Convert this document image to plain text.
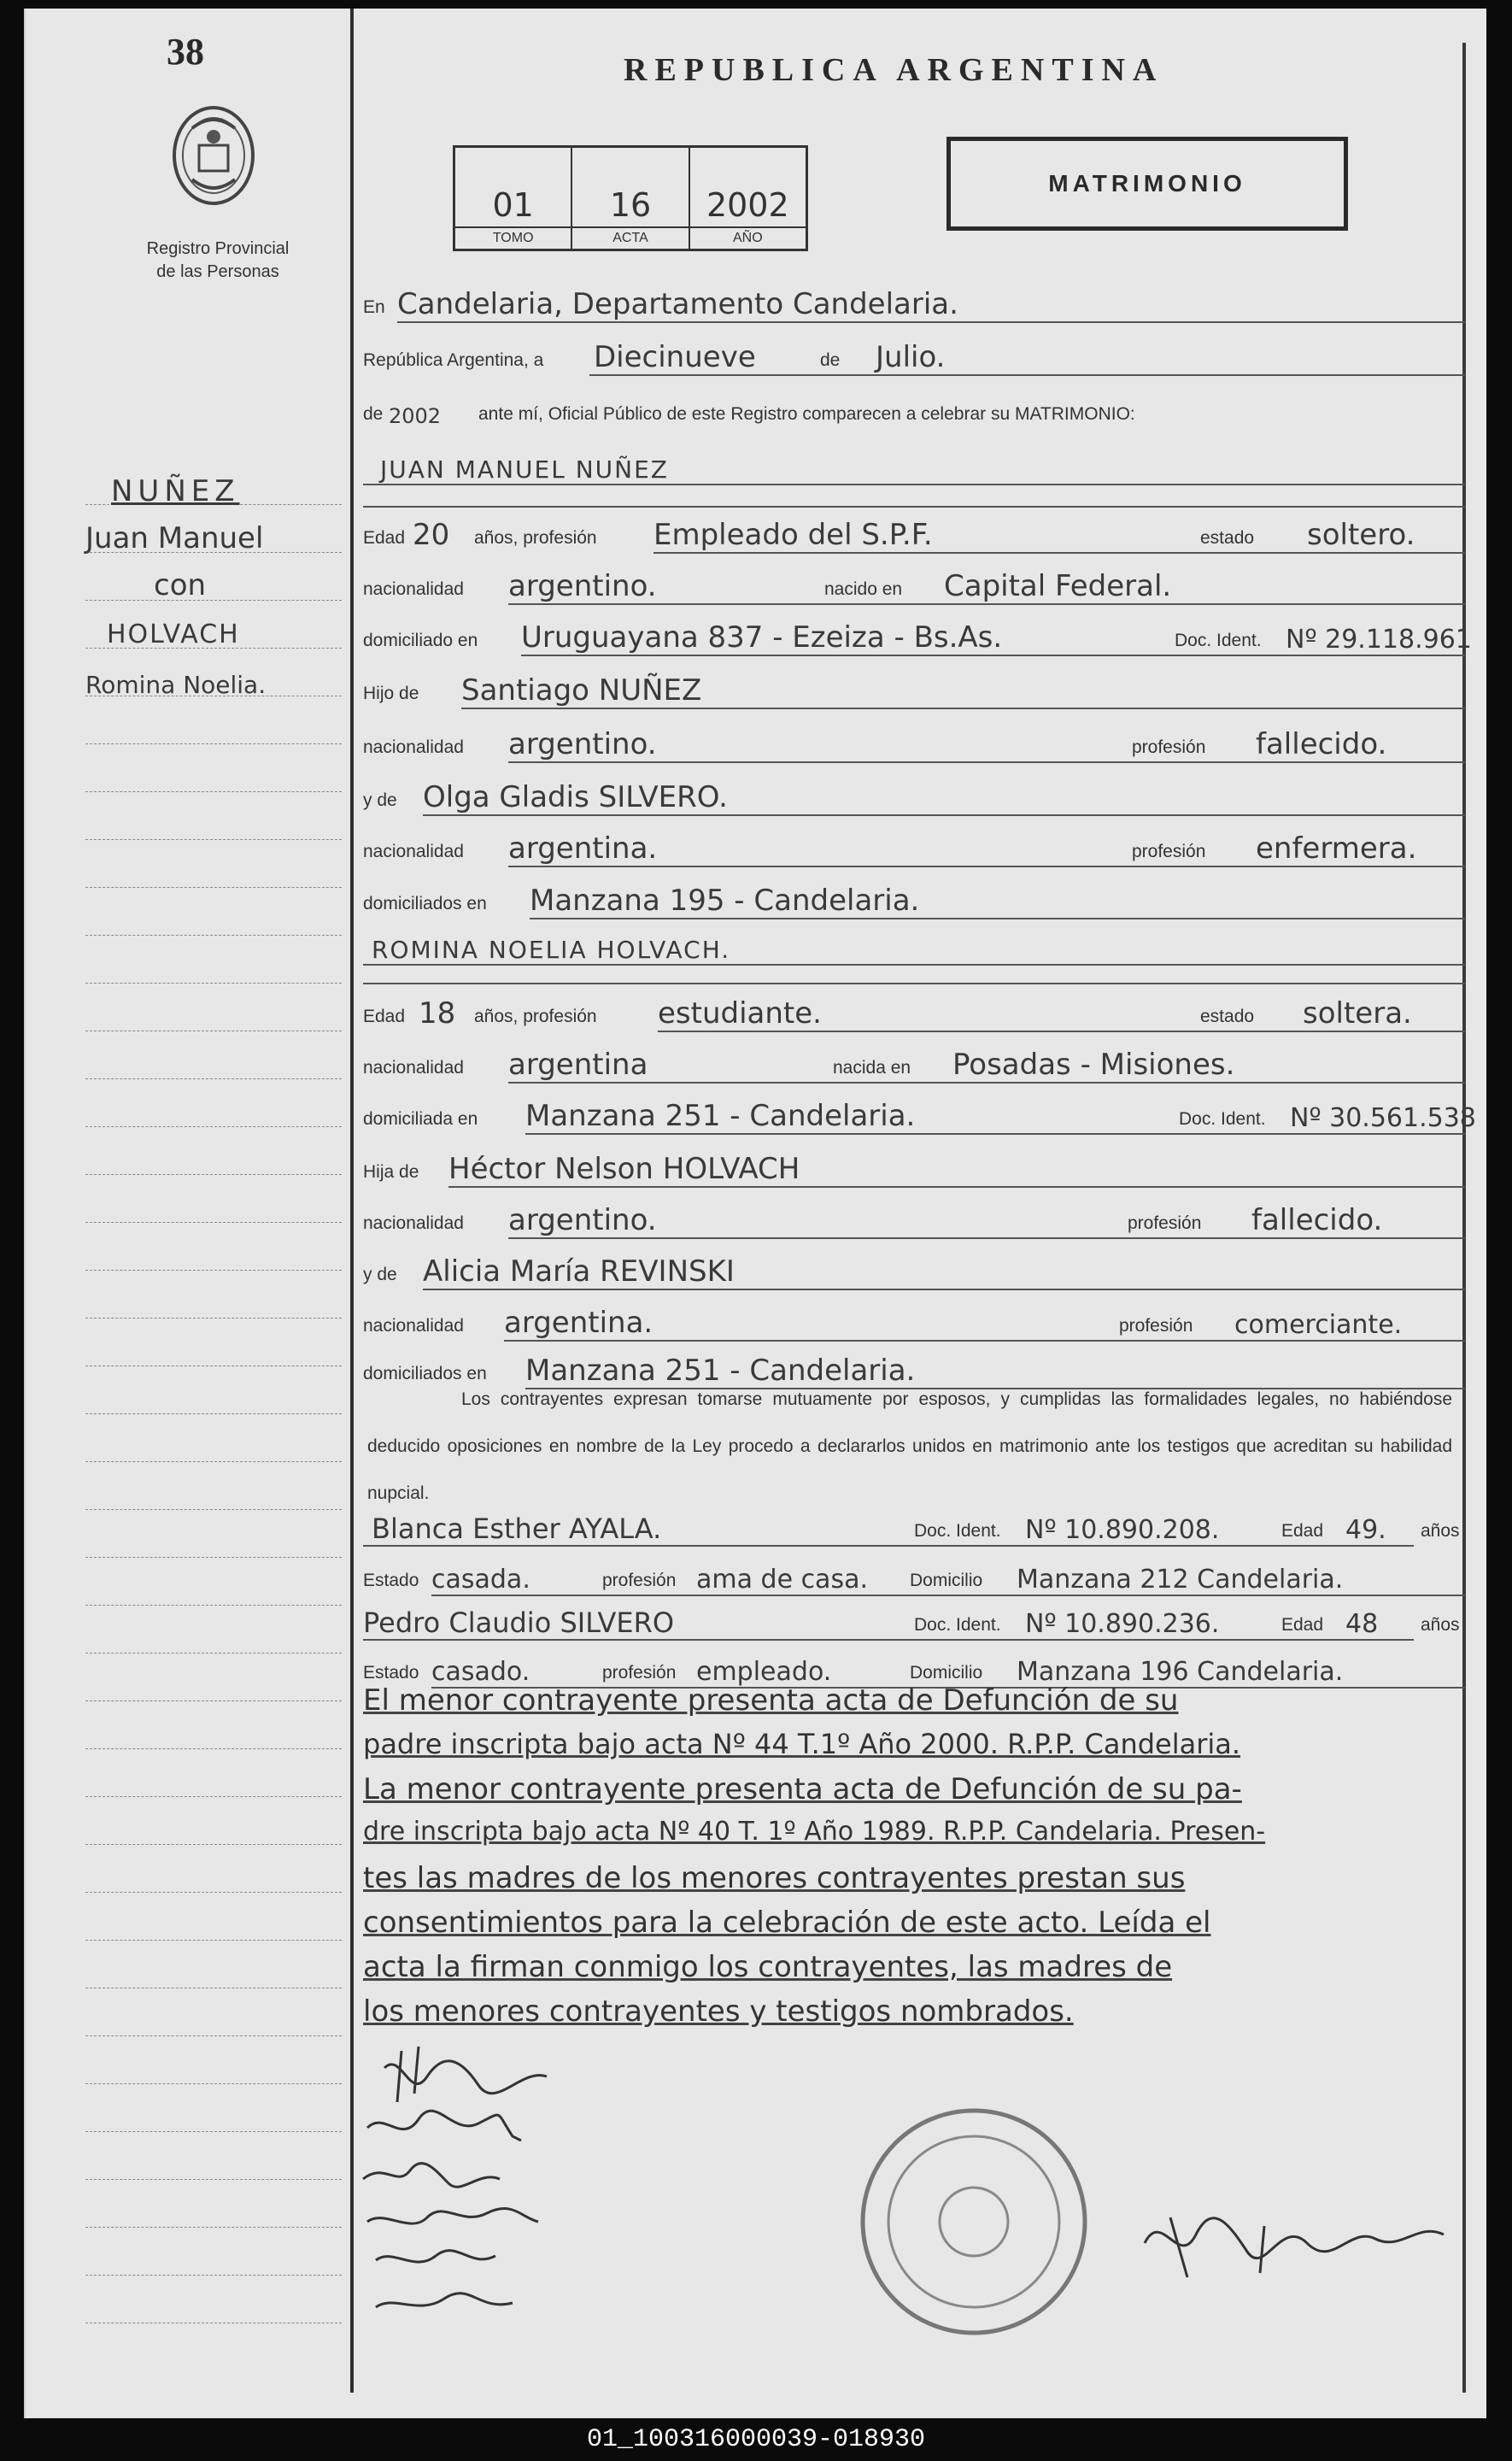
38
Registro Provincial
de las Personas
NUÑEZ
Juan Manuel
con
HOLVACH
Romina Noelia.
REPUBLICA ARGENTINA
01
TOMO
16
ACTA
2002
AÑO
MATRIMONIO
En Candelaria, Departamento Candelaria.
República Argentina, a Diecinueve	de Julio.
de 2002 ante mí, Oficial Público de este Registro comparecen a celebrar su MATRIMONIO:
JUAN MANUEL NUÑEZ
Edad 20 años, profesión Empleado del S.P.F.	estado soltero.
nacionalidad argentino.	nacido en Capital Federal.
domiciliado en Uruguayana 837 - Ezeiza - Bs.As.	Doc. Ident. Nº 29.118.961
Hijo de Santiago NUÑEZ
nacionalidad argentino.	profesión fallecido.
y de Olga Gladis SILVERO.
nacionalidad argentina.	profesión enfermera.
domiciliados en Manzana 195 - Candelaria.
ROMINA NOELIA HOLVACH.
Edad 18 años, profesión estudiante.	estado soltera.
nacionalidad argentina	nacida en Posadas - Misiones.
domiciliada en Manzana 251 - Candelaria.	Doc. Ident. Nº 30.561.538
Hija de Héctor Nelson HOLVACH
nacionalidad argentino.	profesión fallecido.
y de Alicia María REVINSKI
nacionalidad argentina.	profesión comerciante.
domiciliados en Manzana 251 - Candelaria.
Los contrayentes expresan tomarse mutuamente por esposos, y cumplidas las formalidades legales, no habiéndose deducido oposiciones en nombre de la Ley procedo a declararlos unidos en matrimonio ante los testigos que acreditan su habilidad nupcial.
Blanca Esther AYALA.	Doc. Ident. Nº 10.890.208.	Edad 49. años
Estado casada.	profesión ama de casa. Domicilio Manzana 212 Candelaria.
Pedro Claudio SILVERO	Doc. Ident. Nº 10.890.236.	Edad 48 años
Estado casado.	profesión empleado.	Domicilio Manzana 196 Candelaria.
El menor contrayente presenta acta de Defunción de su
padre inscripta bajo acta Nº 44 T.1º Año 2000. R.P.P. Candelaria.
La menor contrayente presenta acta de Defunción de su pa-
dre inscripta bajo acta Nº 40 T. 1º Año 1989. R.P.P. Candelaria. Presen-
tes las madres de los menores contrayentes prestan sus
consentimientos para la celebración de este acto. Leída el
acta la firman conmigo los contrayentes, las madres de
los menores contrayentes y testigos nombrados.
01_100316000039-018930
